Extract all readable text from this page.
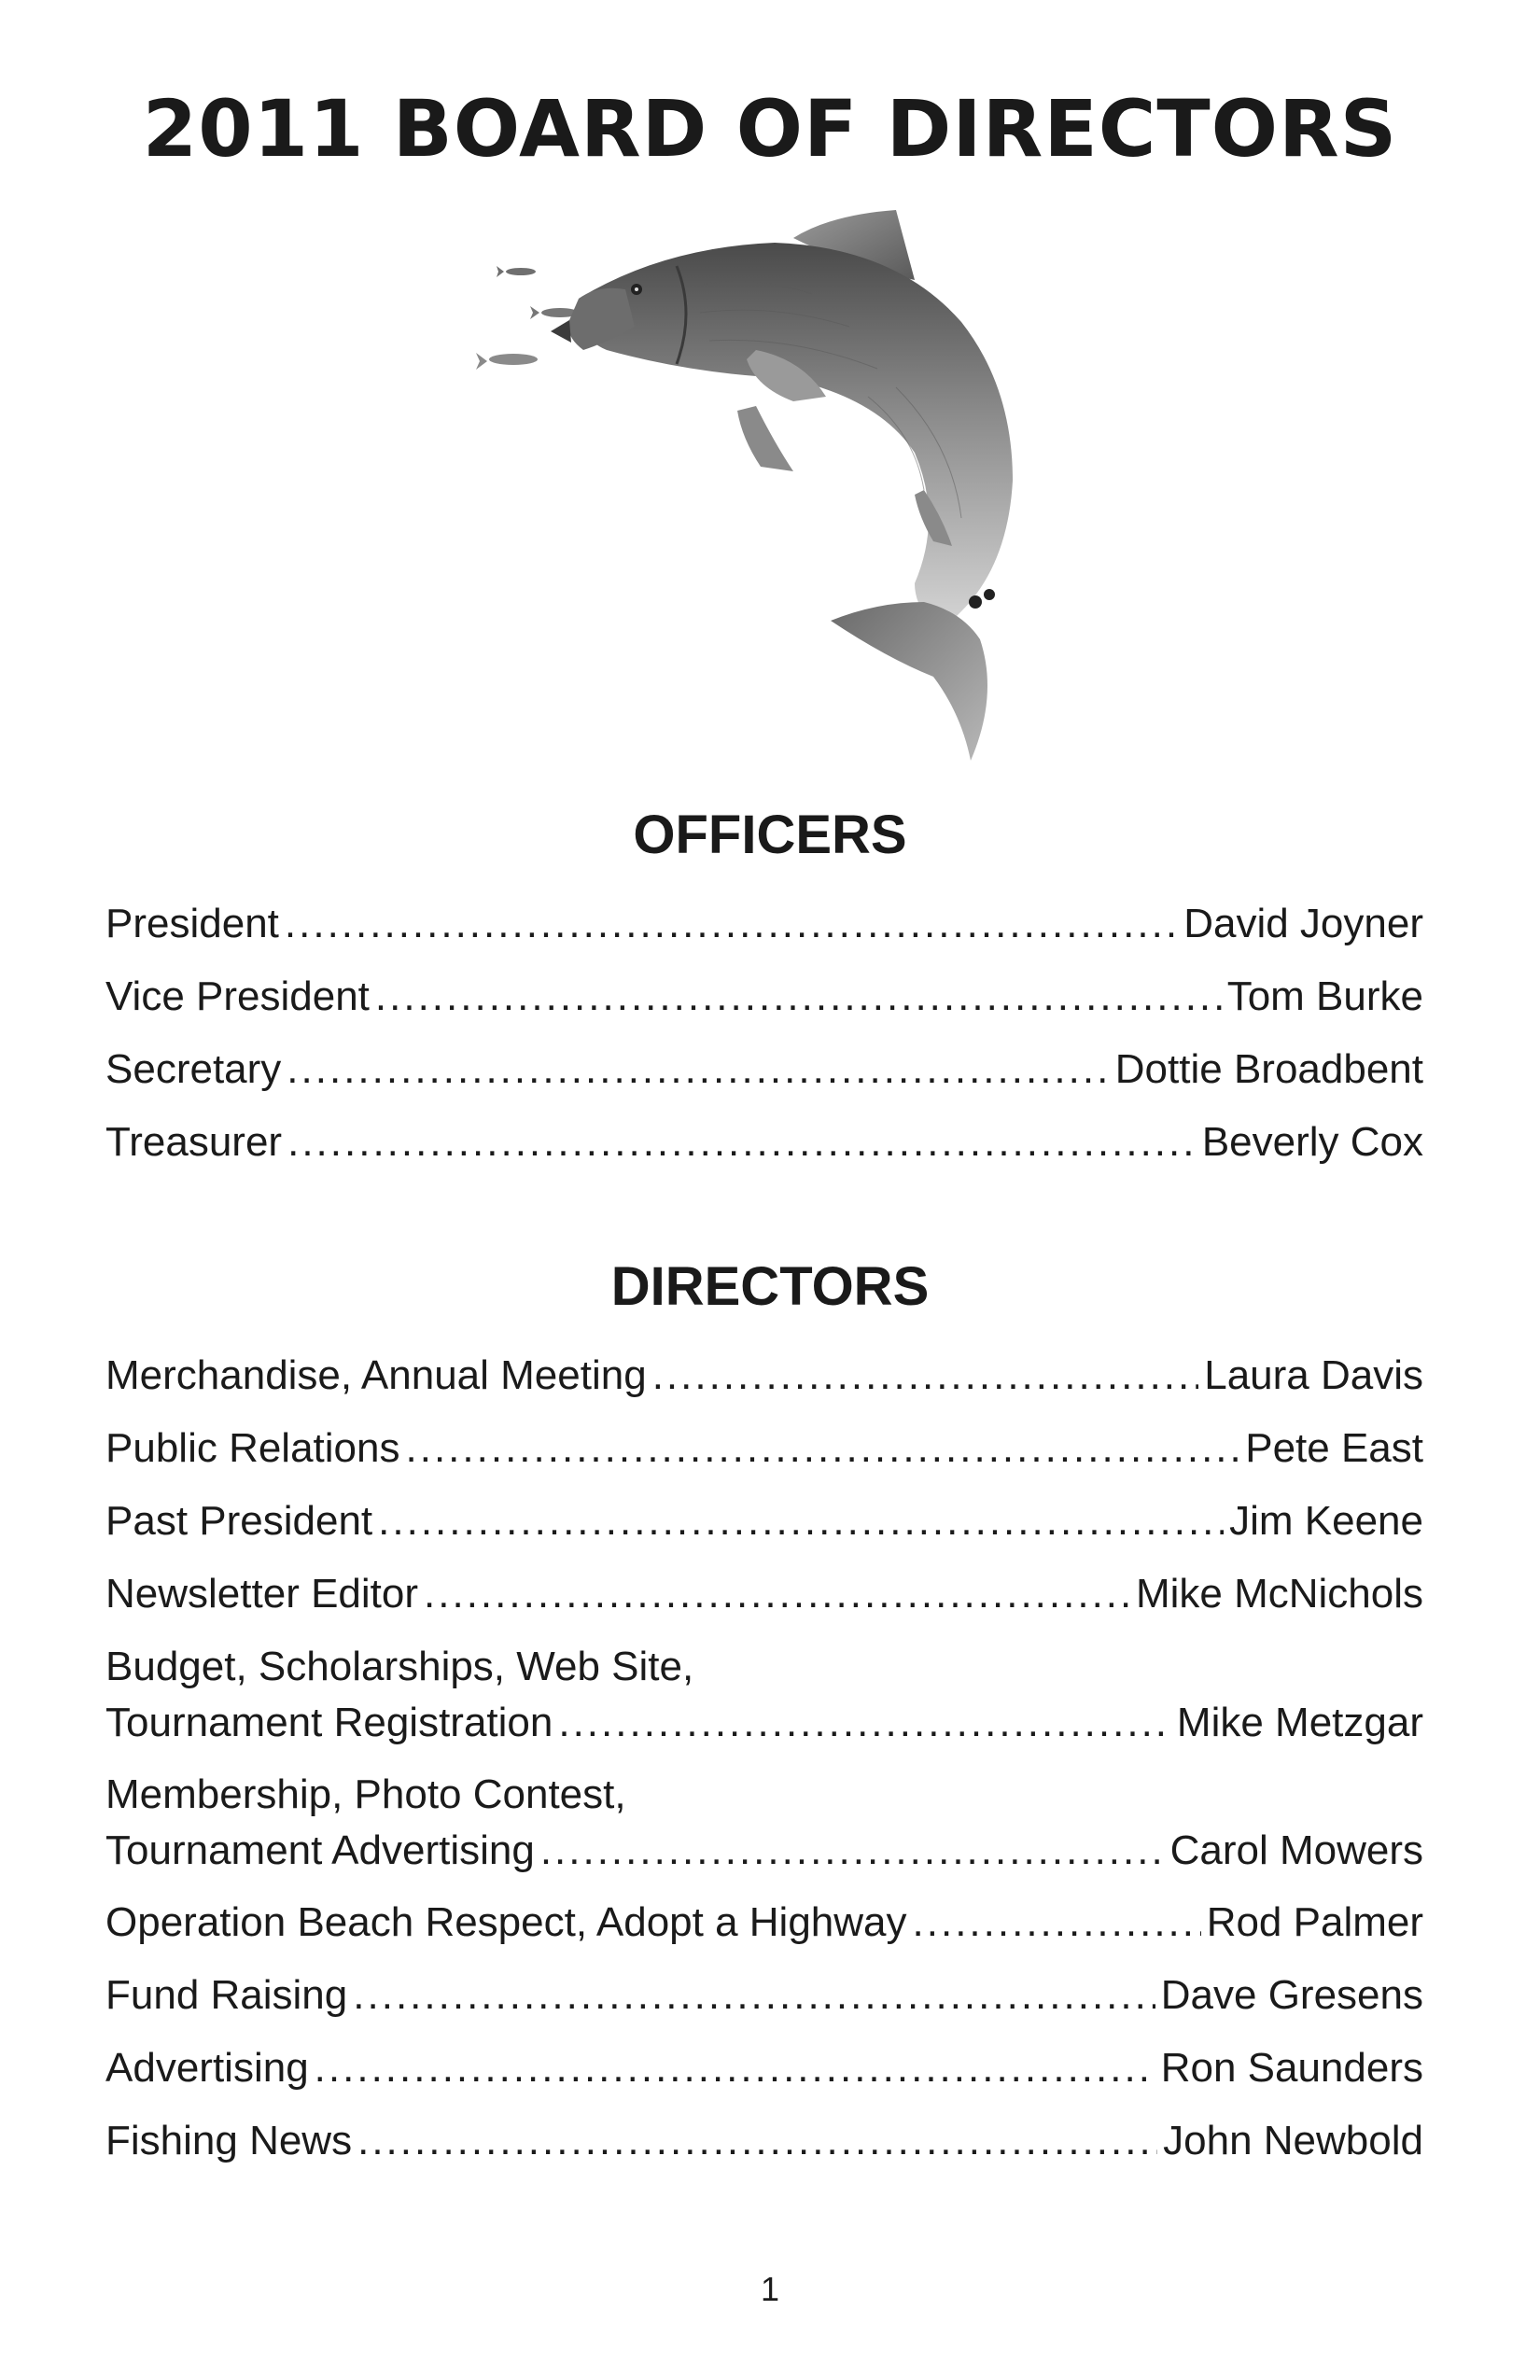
2011 BOARD OF DIRECTORS
OFFICERS
President .....	David Joyner
Vice President .....	Tom Burke
Secretary .....	Dottie Broadbent
Treasurer .....	Beverly Cox
DIRECTORS
Merchandise, Annual Meeting .....	Laura Davis
Public Relations .....	Pete East
Past President .....	Jim Keene
Newsletter Editor .....	Mike McNichols
Budget, Scholarships, Web Site,
Tournament Registration .....	Mike Metzgar
Membership, Photo Contest,
Tournament Advertising .....	Carol Mowers
Operation Beach Respect, Adopt a Highway .....	Rod Palmer
Fund Raising .....	Dave Gresens
Advertising .....	Ron Saunders
Fishing News .....	John Newbold
1
